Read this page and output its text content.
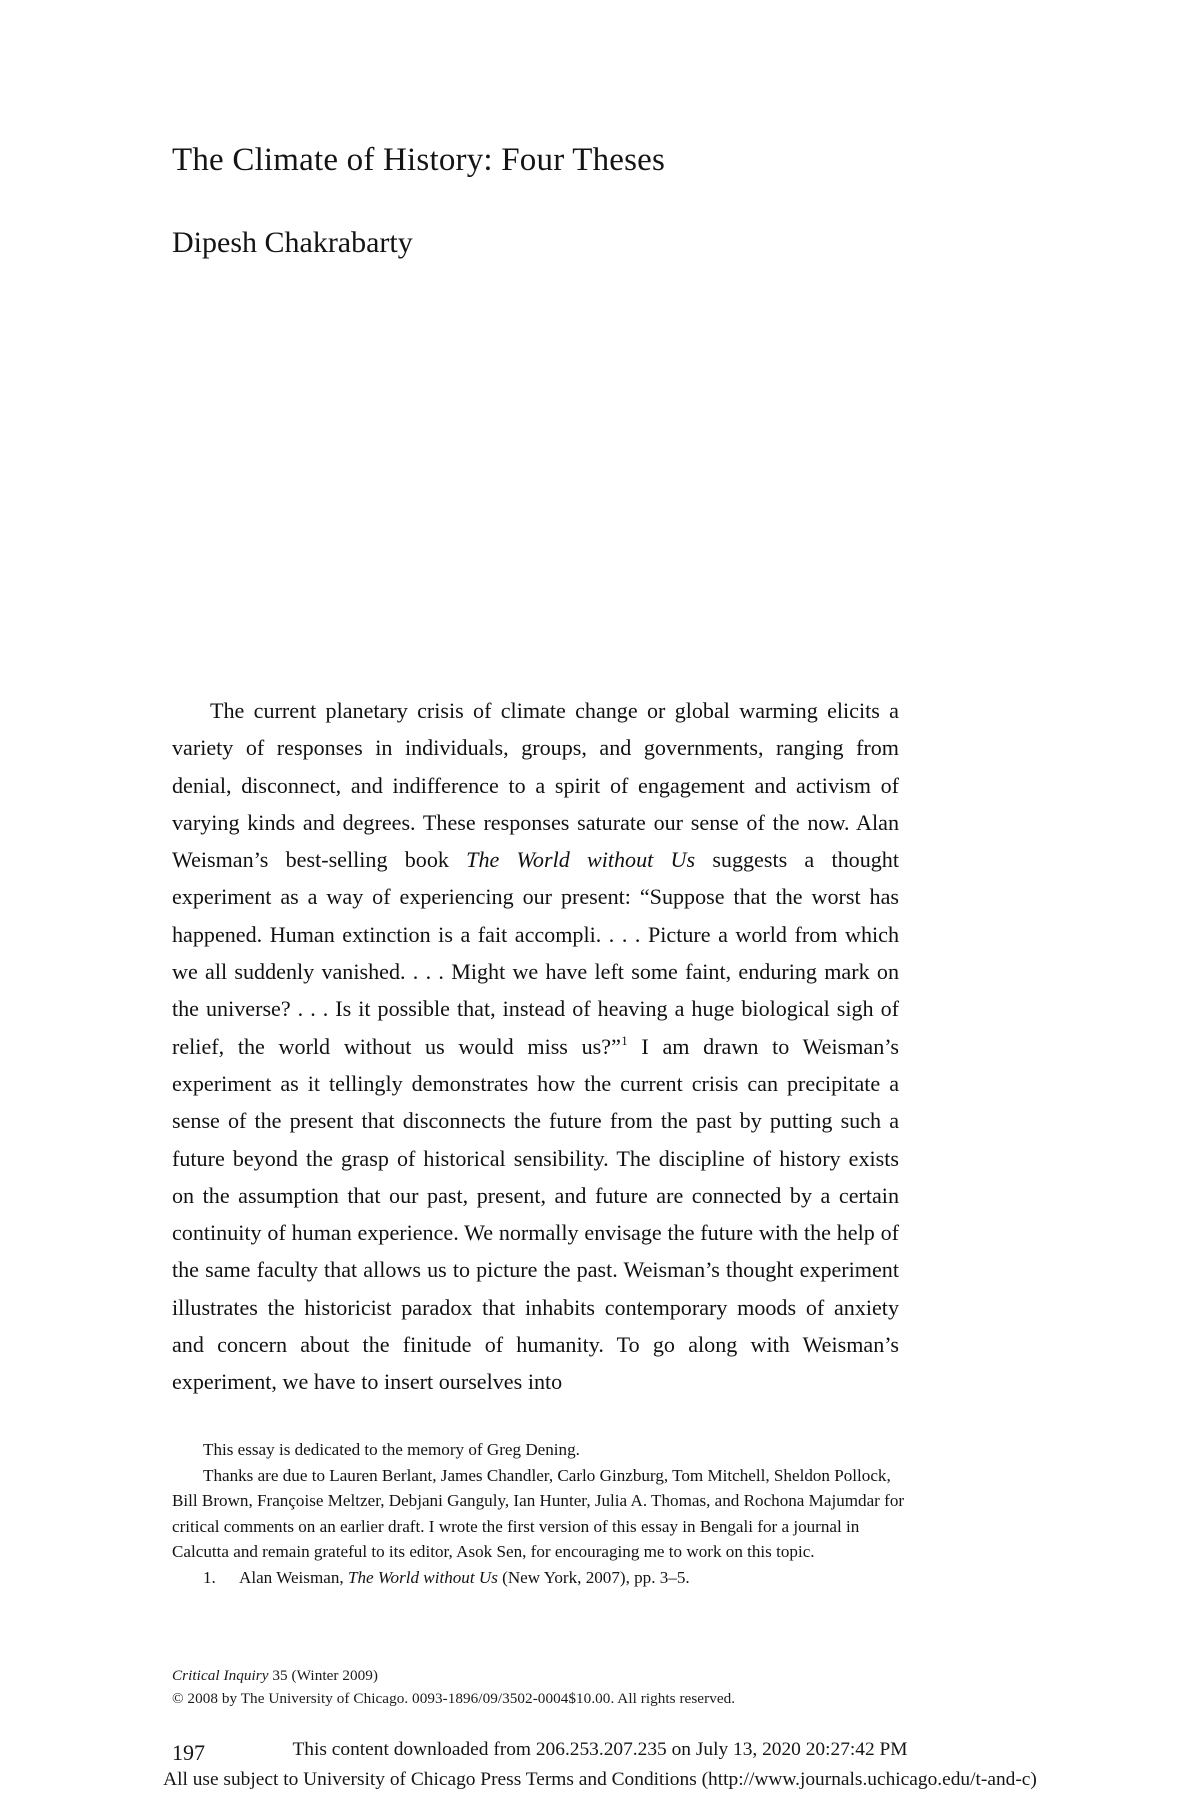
The Climate of History: Four Theses

Dipesh Chakrabarty

The current planetary crisis of climate change or global warming elicits a variety of responses in individuals, groups, and governments, ranging from denial, disconnect, and indifference to a spirit of engagement and activism of varying kinds and degrees. These responses saturate our sense of the now. Alan Weisman’s best-selling book The World without Us suggests a thought experiment as a way of experiencing our present: “Suppose that the worst has happened. Human extinction is a fait accompli. . . . Picture a world from which we all suddenly vanished. . . . Might we have left some faint, enduring mark on the universe? . . . Is it possible that, instead of heaving a huge biological sigh of relief, the world without us would miss us?”$^1$ I am drawn to Weisman’s experiment as it tellingly demonstrates how the current crisis can precipitate a sense of the present that disconnects the future from the past by putting such a future beyond the grasp of historical sensibility. The discipline of history exists on the assumption that our past, present, and future are connected by a certain continuity of human experience. We normally envisage the future with the help of the same faculty that allows us to picture the past. Weisman’s thought experiment illustrates the historicist paradox that inhabits contemporary moods of anxiety and concern about the finitude of humanity. To go along with Weisman’s experiment, we have to insert ourselves into

This essay is dedicated to the memory of Greg Dening.

Thanks are due to Lauren Berlant, James Chandler, Carlo Ginzburg, Tom Mitchell, Sheldon Pollock, Bill Brown, Françoise Meltzer, Debjani Ganguly, Ian Hunter, Julia A. Thomas, and Rochona Majumdar for critical comments on an earlier draft. I wrote the first version of this essay in Bengali for a journal in Calcutta and remain grateful to its editor, Asok Sen, for encouraging me to work on this topic.

1. Alan Weisman, The World without Us (New York, 2007), pp. 3–5.

Critical Inquiry 35 (Winter 2009)

© 2008 by The University of Chicago. 0093-1896/09/3502-0004$10.00. All rights reserved.

197	This content downloaded from 206.253.207.235 on July 13, 2020 20:27:42 PM
All use subject to University of Chicago Press Terms and Conditions (http://www.journals.uchicago.edu/t-and-c)
